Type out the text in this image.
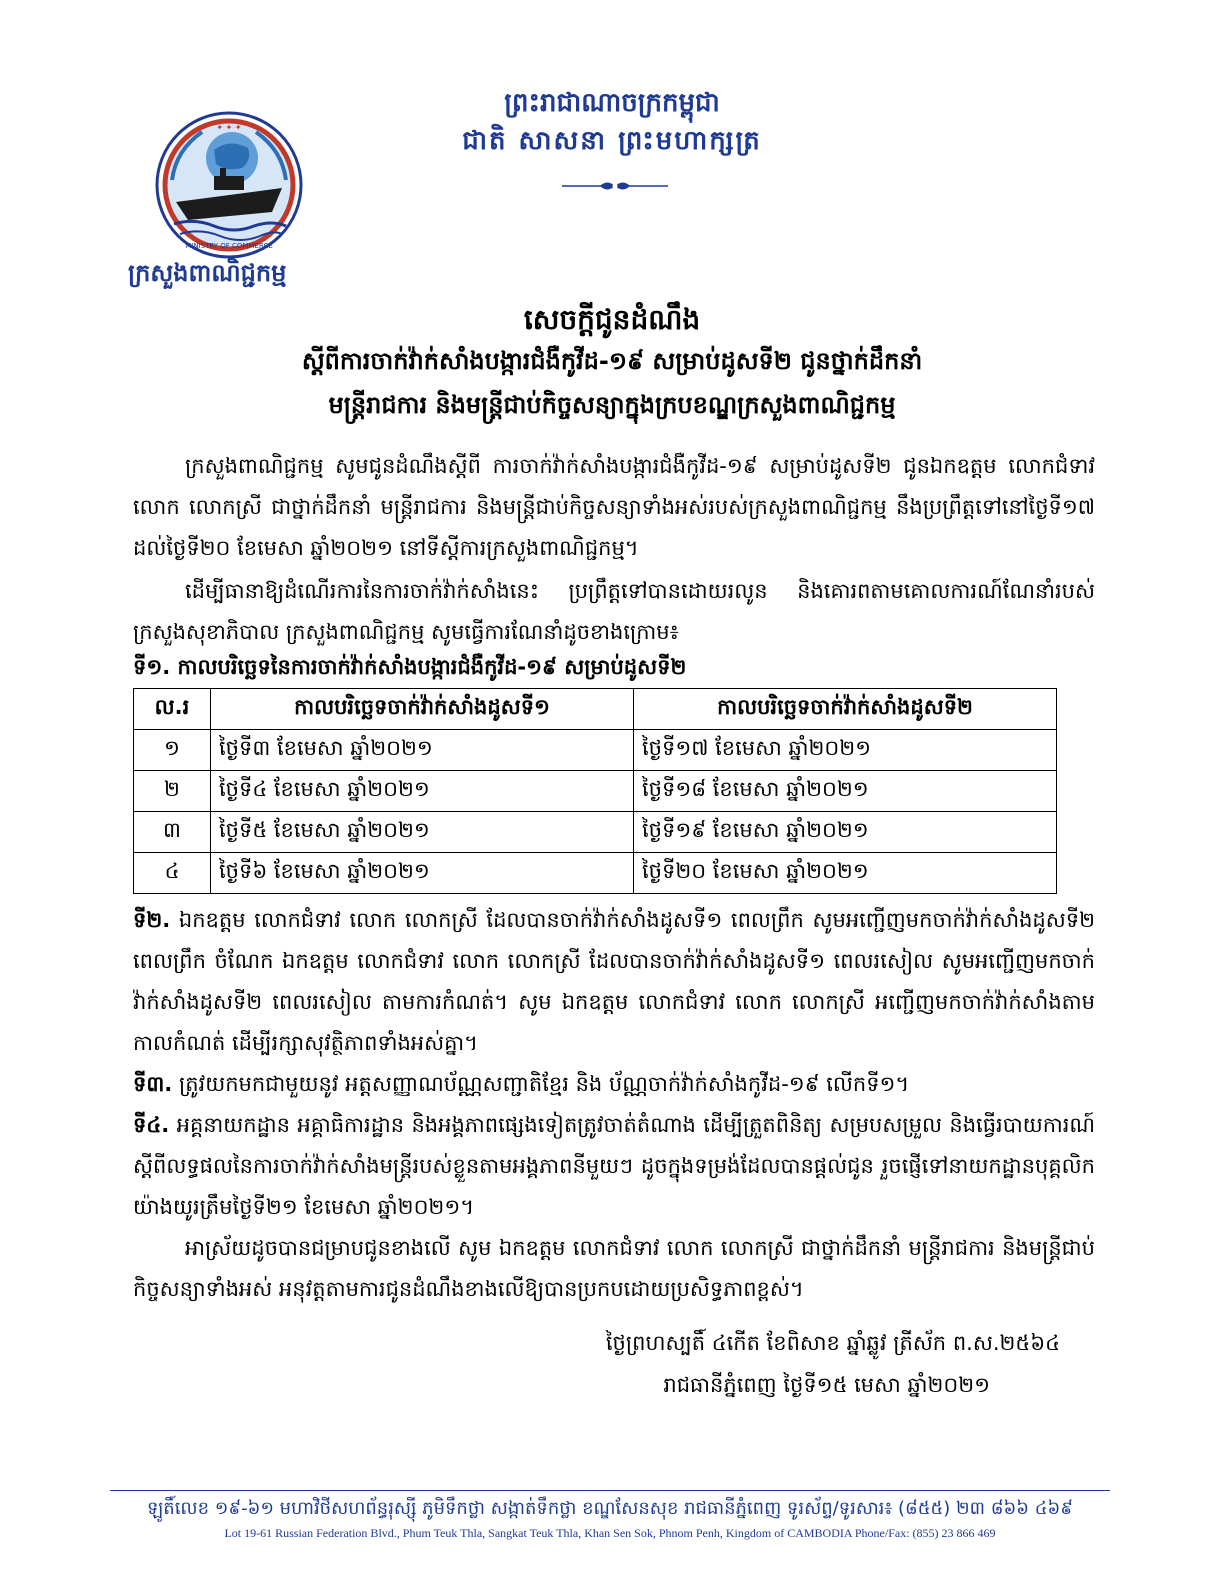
ព្រះរាជាណាចក្រកម្ពុជា
ជាតិ សាសនា ព្រះមហាក្សត្រ
✦ ✦ ✦
MINISTRY OF COMMERCE
ក្រសួងពាណិជ្ជកម្ម
សេចក្តីជូនដំណឹង
ស្តីពីការចាក់វ៉ាក់សាំងបង្ការជំងឺកូវីដ-១៩ សម្រាប់ដូសទី២ ជូនថ្នាក់ដឹកនាំ
មន្ត្រីរាជការ និងមន្ត្រីជាប់កិច្ចសន្យាក្នុងក្របខណ្ឌក្រសួងពាណិជ្ជកម្ម
ក្រសួងពាណិជ្ជកម្ម សូមជូនដំណឹងស្តីពី ការចាក់វ៉ាក់សាំងបង្ការជំងឺកូវីដ-១៩ សម្រាប់ដូសទី២ ជូនឯកឧត្តម លោកជំទាវ លោក លោកស្រី ជាថ្នាក់ដឹកនាំ មន្ត្រីរាជការ និងមន្ត្រីជាប់កិច្ចសន្យាទាំងអស់របស់ក្រសួងពាណិជ្ជកម្ម នឹងប្រព្រឹត្តទៅនៅថ្ងៃទី១៧ ដល់ថ្ងៃទី២០ ខែមេសា ឆ្នាំ២០២១ នៅទីស្តីការក្រសួងពាណិជ្ជកម្ម។
ដើម្បីធានាឱ្យដំណើរការនៃការចាក់វ៉ាក់សាំងនេះ ប្រព្រឹត្តទៅបានដោយរលូន និងគោរពតាមគោលការណ៍ណែនាំរបស់ក្រសួងសុខាភិបាល ក្រសួងពាណិជ្ជកម្ម សូមធ្វើការណែនាំដូចខាងក្រោម៖
ទី១. កាលបរិច្ឆេទនៃការចាក់វ៉ាក់សាំងបង្ការជំងឺកូវីដ-១៩ សម្រាប់ដូសទី២
ល.រ	កាលបរិច្ឆេទចាក់វ៉ាក់សាំងដូសទី១	កាលបរិច្ឆេទចាក់វ៉ាក់សាំងដូសទី២
១	ថ្ងៃទី៣ ខែមេសា ឆ្នាំ២០២១	ថ្ងៃទី១៧ ខែមេសា ឆ្នាំ២០២១
២	ថ្ងៃទី៤ ខែមេសា ឆ្នាំ២០២១	ថ្ងៃទី១៨ ខែមេសា ឆ្នាំ២០២១
៣	ថ្ងៃទី៥ ខែមេសា ឆ្នាំ២០២១	ថ្ងៃទី១៩ ខែមេសា ឆ្នាំ២០២១
៤	ថ្ងៃទី៦ ខែមេសា ឆ្នាំ២០២១	ថ្ងៃទី២០ ខែមេសា ឆ្នាំ២០២១
ទី២. ឯកឧត្តម លោកជំទាវ លោក លោកស្រី ដែលបានចាក់វ៉ាក់សាំងដូសទី១ ពេលព្រឹក សូមអញ្ជើញមកចាក់វ៉ាក់សាំងដូសទី២ ពេលព្រឹក ចំណែក ឯកឧត្តម លោកជំទាវ លោក លោកស្រី ដែលបានចាក់វ៉ាក់សាំងដូសទី១ ពេលរសៀល សូមអញ្ជើញមកចាក់វ៉ាក់សាំងដូសទី២ ពេលរសៀល តាមការកំណត់។ សូម ឯកឧត្តម លោកជំទាវ លោក លោកស្រី អញ្ជើញមកចាក់វ៉ាក់សាំងតាមកាលកំណត់ ដើម្បីរក្សាសុវត្ថិភាពទាំងអស់គ្នា។
ទី៣. ត្រូវយកមកជាមួយនូវ អត្តសញ្ញាណប័ណ្ណសញ្ជាតិខ្មែរ និង ប័ណ្ណចាក់វ៉ាក់សាំងកូវីដ-១៩ លើកទី១។
ទី៤. អគ្គនាយកដ្ឋាន អគ្គាធិការដ្ឋាន និងអង្គភាពផ្សេងទៀតត្រូវចាត់តំណាង ដើម្បីត្រួតពិនិត្យ សម្របសម្រួល និងធ្វើរបាយការណ៍ស្តីពីលទ្ធផលនៃការចាក់វ៉ាក់សាំងមន្ត្រីរបស់ខ្លួនតាមអង្គភាពនីមួយៗ ដូចក្នុងទម្រង់ដែលបានផ្តល់ជូន រួចផ្ញើទៅនាយកដ្ឋានបុគ្គលិក យ៉ាងយូរត្រឹមថ្ងៃទី២១ ខែមេសា ឆ្នាំ២០២១។
អាស្រ័យដូចបានជម្រាបជូនខាងលើ សូម ឯកឧត្តម លោកជំទាវ លោក លោកស្រី ជាថ្នាក់ដឹកនាំ មន្ត្រីរាជការ និងមន្ត្រីជាប់កិច្ចសន្យាទាំងអស់ អនុវត្តតាមការជូនដំណឹងខាងលើឱ្យបានប្រកបដោយប្រសិទ្ធភាពខ្ពស់។
ថ្ងៃព្រហស្បតិ៍ ៤កើត ខែពិសាខ ឆ្នាំឆ្លូវ ត្រីស័ក ព.ស.២៥៦៤
រាជធានីភ្នំពេញ ថ្ងៃទី១៥ មេសា ឆ្នាំ២០២១
ឡូតិ៍លេខ ១៩-៦១ មហាវិថីសហព័ន្ធរុស្ស៊ី ភូមិទឹកថ្លា សង្កាត់ទឹកថ្លា ខណ្ឌសែនសុខ រាជធានីភ្នំពេញ ទូរស័ព្ទ/ទូរសារ៖ (៨៥៥) ២៣ ៨៦៦ ៤៦៩
Lot 19-61 Russian Federation Blvd., Phum Teuk Thla, Sangkat Teuk Thla, Khan Sen Sok, Phnom Penh, Kingdom of CAMBODIA Phone/Fax: (855) 23 866 469
